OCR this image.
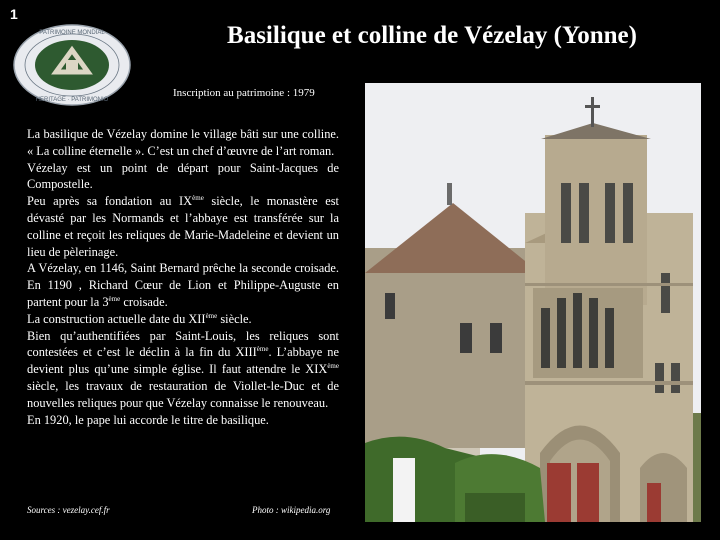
1
PATRIMOINE MONDIAL
HERITAGE · PATRIMONIO
Basilique et colline de Vézelay (Yonne)
Inscription au patrimoine : 1979

La basilique de Vézelay domine le village bâti sur une colline. « La colline éternelle ». C’est un chef d’œuvre de l’art roman.

Vézelay est un point de départ pour Saint-Jacques de Compostelle.

Peu après sa fondation au IXème siècle, le monastère est dévasté par les Normands et l’abbaye est transférée sur la colline et reçoit les reliques de Marie-Madeleine et devient un lieu de pèlerinage.

A Vézelay, en 1146, Saint Bernard prêche la seconde croisade. En 1190 , Richard Cœur de Lion et Philippe-Auguste en partent pour la 3ème croisade.

La construction actuelle date du XIIème siècle.

Bien qu’authentifiées par Saint-Louis, les reliques sont contestées et c’est le déclin à la fin du XIIIème. L’abbaye ne devient plus qu’une simple église. Il faut attendre le XIXème siècle, les travaux de restauration de Viollet-le-Duc et de nouvelles reliques pour que Vézelay connaisse le renouveau.

En 1920, le pape lui accorde le titre de basilique.

Sources : vezelay.cef.fr	Photo : wikipedia.org
